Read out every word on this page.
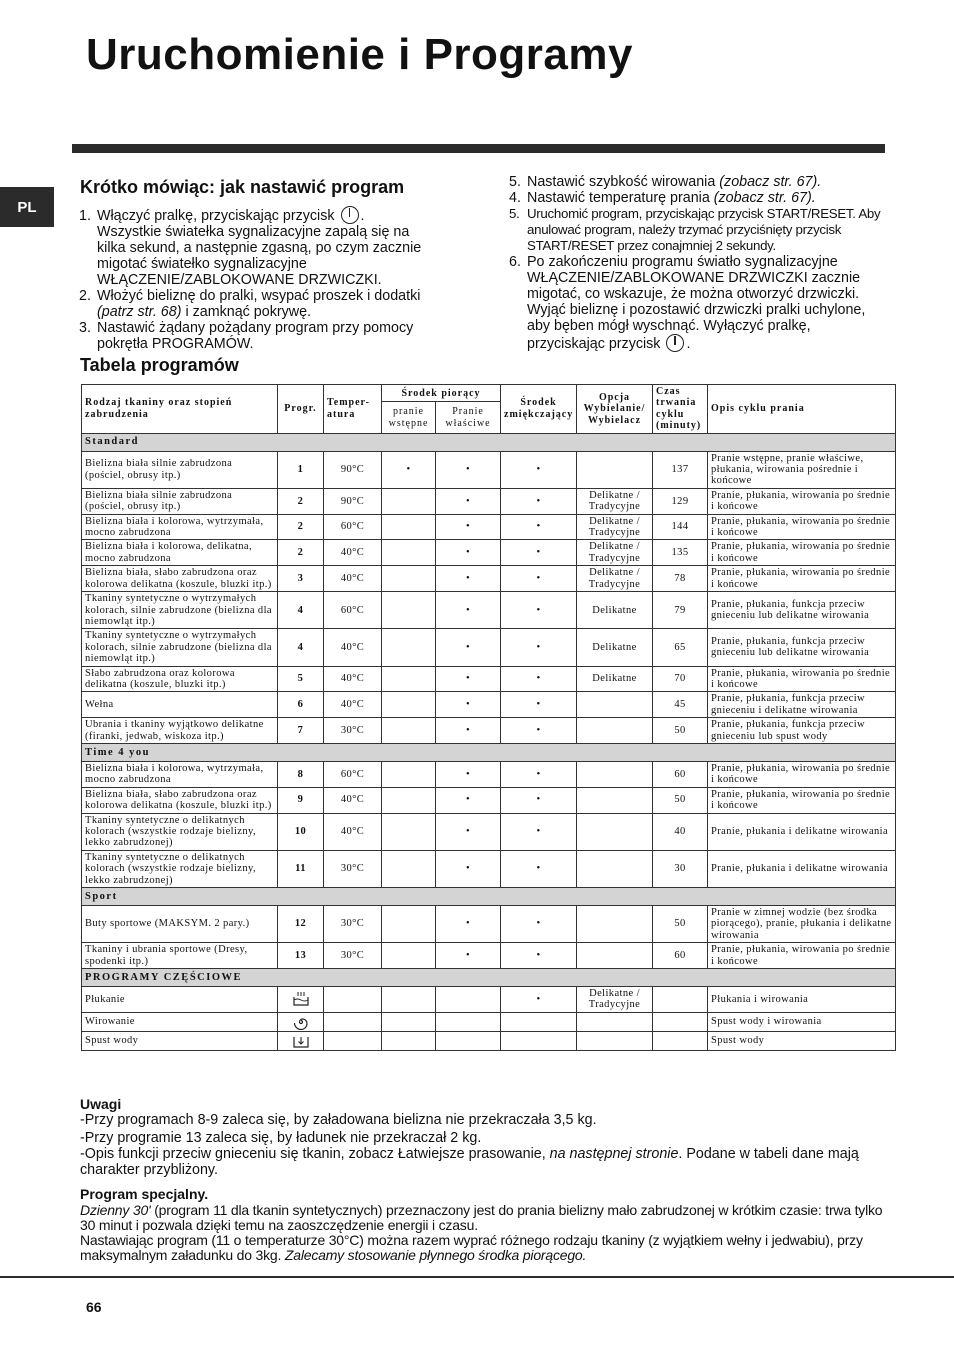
Uruchomienie i Programy
PL
Krótko mówiąc: jak nastawić program
1. Włączyć pralkę, przyciskając przycisk . Wszystkie światełka sygnalizacyjne zapalą się na kilka sekund, a następnie zgasną, po czym zacznie migotać światełko sygnalizacyjne WŁĄCZENIE/ZABLOKOWANE DRZWICZKI.
2. Włożyć bieliznę do pralki, wsypać proszek i dodatki (patrz str. 68) i zamknąć pokrywę.
3. Nastawić żądany pożądany program przy pomocy pokrętła PROGRAMÓW.
5. Nastawić szybkość wirowania (zobacz str. 67).
4. Nastawić temperaturę prania (zobacz str. 67).
5. Uruchomić program, przyciskając przycisk START/RESET. Aby anulować program, należy trzymać przyciśnięty przycisk START/RESET przez conajmniej 2 sekundy.
6. Po zakończeniu programu światło sygnalizacyjne WŁĄCZENIE/ZABLOKOWANE DRZWICZKI zacznie migotać, co wskazuje, że można otworzyć drzwiczki. Wyjąć bieliznę i pozostawić drzwiczki pralki uchylone, aby bęben mógł wyschnąć. Wyłączyć pralkę, przyciskając przycisk .
Tabela programów
Rodzaj tkaniny oraz stopień zabrudzenia	Progr.	Temper-atura	Środek piorący		Środek zmiękczający	Opcja Wybielanie/ Wybielacz	Czas trwania cyklu (minuty)	Opis cyklu prania
			pranie wstępne	Pranie właściwe				
Standard								
Bielizna biała silnie zabrudzona (pościel, obrusy itp.)	1	90°C	•	•	•		137	Pranie wstępne, pranie właściwe, płukania, wirowania pośrednie i końcowe
Bielizna biała silnie zabrudzona (pościel, obrusy itp.)	2	90°C		•	•	Delikatne / Tradycyjne	129	Pranie, płukania, wirowania po średnie i końcowe
Bielizna biała i kolorowa, wytrzymała, mocno zabrudzona	2	60°C		•	•	Delikatne / Tradycyjne	144	Pranie, płukania, wirowania po średnie i końcowe
Bielizna biała i kolorowa, delikatna, mocno zabrudzona	2	40°C		•	•	Delikatne / Tradycyjne	135	Pranie, płukania, wirowania po średnie i końcowe
Bielizna biała, słabo zabrudzona oraz kolorowa delikatna (koszule, bluzki itp.)	3	40°C		•	•	Delikatne / Tradycyjne	78	Pranie, płukania, wirowania po średnie i końcowe
Tkaniny syntetyczne o wytrzymałych kolorach, silnie zabrudzone (bielizna dla niemowląt itp.)	4	60°C		•	•	Delikatne	79	Pranie, płukania, funkcja przeciw gnieceniu lub delikatne wirowania
Tkaniny syntetyczne o wytrzymałych kolorach, silnie zabrudzone (bielizna dla niemowląt itp.)	4	40°C		•	•	Delikatne	65	Pranie, płukania, funkcja przeciw gnieceniu lub delikatne wirowania
Słabo zabrudzona oraz kolorowa delikatna (koszule, bluzki itp.)	5	40°C		•	•	Delikatne	70	Pranie, płukania, wirowania po średnie i końcowe
Wełna	6	40°C		•	•		45	Pranie, płukania, funkcja przeciw gnieceniu i delikatne wirowania
Ubrania i tkaniny wyjątkowo delikatne (firanki, jedwab, wiskoza itp.)	7	30°C		•	•		50	Pranie, płukania, funkcja przeciw gnieceniu lub spust wody
Time 4 you								
Bielizna biała i kolorowa, wytrzymała, mocno zabrudzona	8	60°C		•	•		60	Pranie, płukania, wirowania po średnie i końcowe
Bielizna biała, słabo zabrudzona oraz kolorowa delikatna (koszule, bluzki itp.)	9	40°C		•	•		50	Pranie, płukania, wirowania po średnie i końcowe
Tkaniny syntetyczne o delikatnych kolorach (wszystkie rodzaje bielizny, lekko zabrudzonej)	10	40°C		•	•		40	Pranie, płukania i delikatne wirowania
Tkaniny syntetyczne o delikatnych kolorach (wszystkie rodzaje bielizny, lekko zabrudzonej)	11	30°C		•	•		30	Pranie, płukania i delikatne wirowania
Sport								
Buty sportowe (MAKSYM. 2 pary.)	12	30°C		•	•		50	Pranie w zimnej wodzie (bez środka piorącego), pranie, płukania i delikatne wirowania
Tkaniny i ubrania sportowe (Dresy, spodenki itp.)	13	30°C		•	•		60	Pranie, płukania, wirowania po średnie i końcowe
PROGRAMY CZĘŚCIOWE								
Płukanie					•	Delikatne / Tradycyjne		Płukania i wirowania
Wirowanie								Spust wody i wirowania
Spust wody								Spust wody
Uwagi

-Przy programach 8-9 zaleca się, by załadowana bielizna nie przekraczała 3,5 kg.

-Przy programie 13 zaleca się, by ładunek nie przekraczał 2 kg.

-Opis funkcji przeciw gnieceniu się tkanin, zobacz Łatwiejsze prasowanie, na następnej stronie. Podane w tabeli dane mają charakter przybliżony.

Program specjalny.

Dzienny 30' (program 11 dla tkanin syntetycznych) przeznaczony jest do prania bielizny mało zabrudzonej w krótkim czasie: trwa tylko 30 minut i pozwala dzięki temu na zaoszczędzenie energii i czasu.

Nastawiając program (11 o temperaturze 30°C) można razem wyprać różnego rodzaju tkaniny (z wyjątkiem wełny i jedwabiu), przy maksymalnym załadunku do 3kg. Zalecamy stosowanie płynnego środka piorącego.

66
